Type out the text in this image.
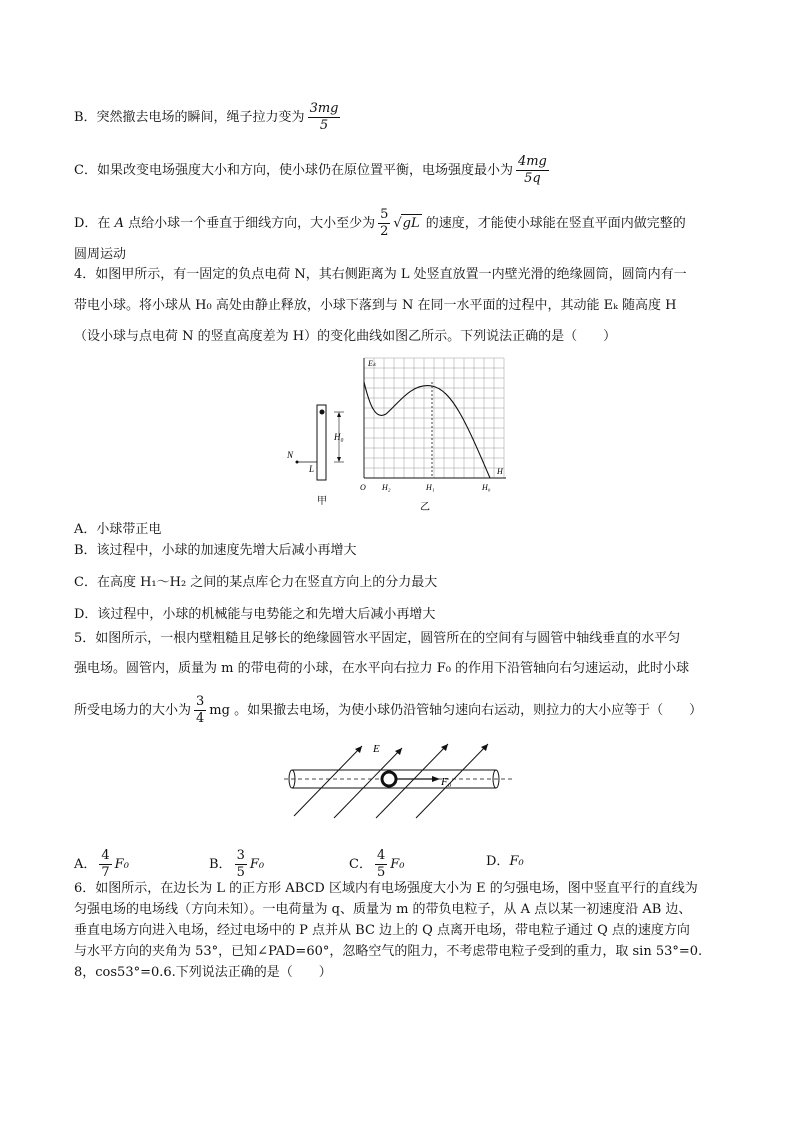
B．突然撤去电场的瞬间，绳子拉力变为 $\frac{3mg}{5}$
C．如果改变电场强度大小和方向，使小球仍在原位置平衡，电场强度最小为 $\frac{4mg}{5q}$
D．在 A 点给小球一个垂直于细线方向，大小至少为 $\frac{5}{2} √gL$ 的速度，才能使小球能在竖直平面内做完整的
圆周运动
4．如图甲所示，有一固定的负点电荷 N，其右侧距离为 L 处竖直放置一内壁光滑的绝缘圆筒，圆筒内有一
带电小球。将小球从 H₀ 高处由静止释放，小球下落到与 N 在同一水平面的过程中，其动能 Eₖ 随高度 H
（设小球与点电荷 N 的竖直高度差为 H）的变化曲线如图乙所示。下列说法正确的是（　　）
N
L
H₀
甲
Eₖ
H
O H₂	H₁	H₀
乙
A．小球带正电
B．该过程中，小球的加速度先增大后减小再增大
C．在高度 H₁～H₂ 之间的某点库仑力在竖直方向上的分力最大
D．该过程中，小球的机械能与电势能之和先增大后减小再增大
5．如图所示，一根内壁粗糙且足够长的绝缘圆管水平固定，圆管所在的空间有与圆管中轴线垂直的水平匀
强电场。圆管内，质量为 m 的带电荷的小球，在水平向右拉力 F₀ 的作用下沿管轴向右匀速运动，此时小球
所受电场力的大小为 $\frac{3}{4}$ mg 。如果撤去电场，为使小球仍沿管轴匀速向右运动，则拉力的大小应等于（　　）
E
F₀
A． $\frac{4}{7} F_0$	B． $\frac{3}{5} F_0$	C． $\frac{4}{5} F_0$	D．F₀
6．如图所示，在边长为 L 的正方形 ABCD 区域内有电场强度大小为 E 的匀强电场，图中竖直平行的直线为
匀强电场的电场线（方向未知）。一电荷量为 q、质量为 m 的带负电粒子，从 A 点以某一初速度沿 AB 边、
垂直电场方向进入电场，经过电场中的 P 点并从 BC 边上的 Q 点离开电场，带电粒子通过 Q 点的速度方向
与水平方向的夹角为 53°，已知∠PAD=60°，忽略空气的阻力，不考虑带电粒子受到的重力，取 sin 53°=0.
8，cos53°=0.6.下列说法正确的是（　　）
